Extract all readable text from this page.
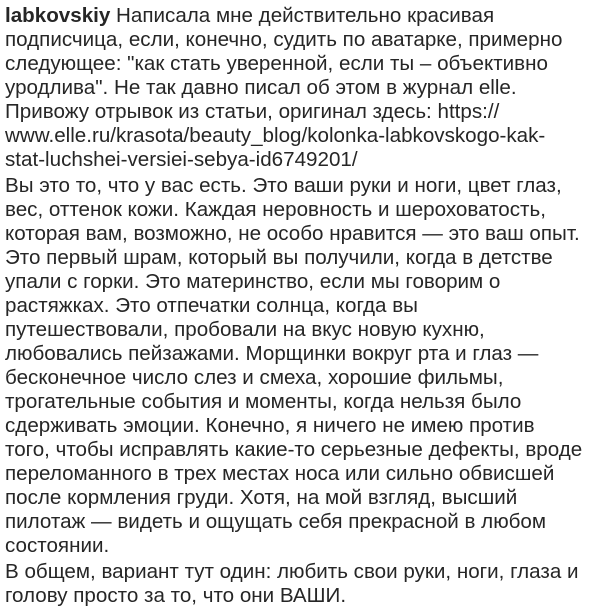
labkovskiy Написала мне действительно красивая
подписчица, если, конечно, судить по аватарке, примерно
следующее: "как стать уверенной, если ты – объективно
уродлива". Не так давно писал об этом в журнал elle.
Привожу отрывок из статьи, оригинал здесь: https://
www.elle.ru/krasota/beauty_blog/kolonka-labkovskogo-kak-
stat-luchshei-versiei-sebya-id6749201/
Вы это то, что у вас есть. Это ваши руки и ноги, цвет глаз,
вес, оттенок кожи. Каждая неровность и шероховатость,
которая вам, возможно, не особо нравится — это ваш опыт.
Это первый шрам, который вы получили, когда в детстве
упали с горки. Это материнство, если мы говорим о
растяжках. Это отпечатки солнца, когда вы
путешествовали, пробовали на вкус новую кухню,
любовались пейзажами. Морщинки вокруг рта и глаз —
бесконечное число слез и смеха, хорошие фильмы,
трогательные события и моменты, когда нельзя было
сдерживать эмоции. Конечно, я ничего не имею против
того, чтобы исправлять какие-то серьезные дефекты, вроде
переломанного в трех местах носа или сильно обвисшей
после кормления груди. Хотя, на мой взгляд, высший
пилотаж — видеть и ощущать себя прекрасной в любом
состоянии.
В общем, вариант тут один: любить свои руки, ноги, глаза и
голову просто за то, что они ВАШИ.
